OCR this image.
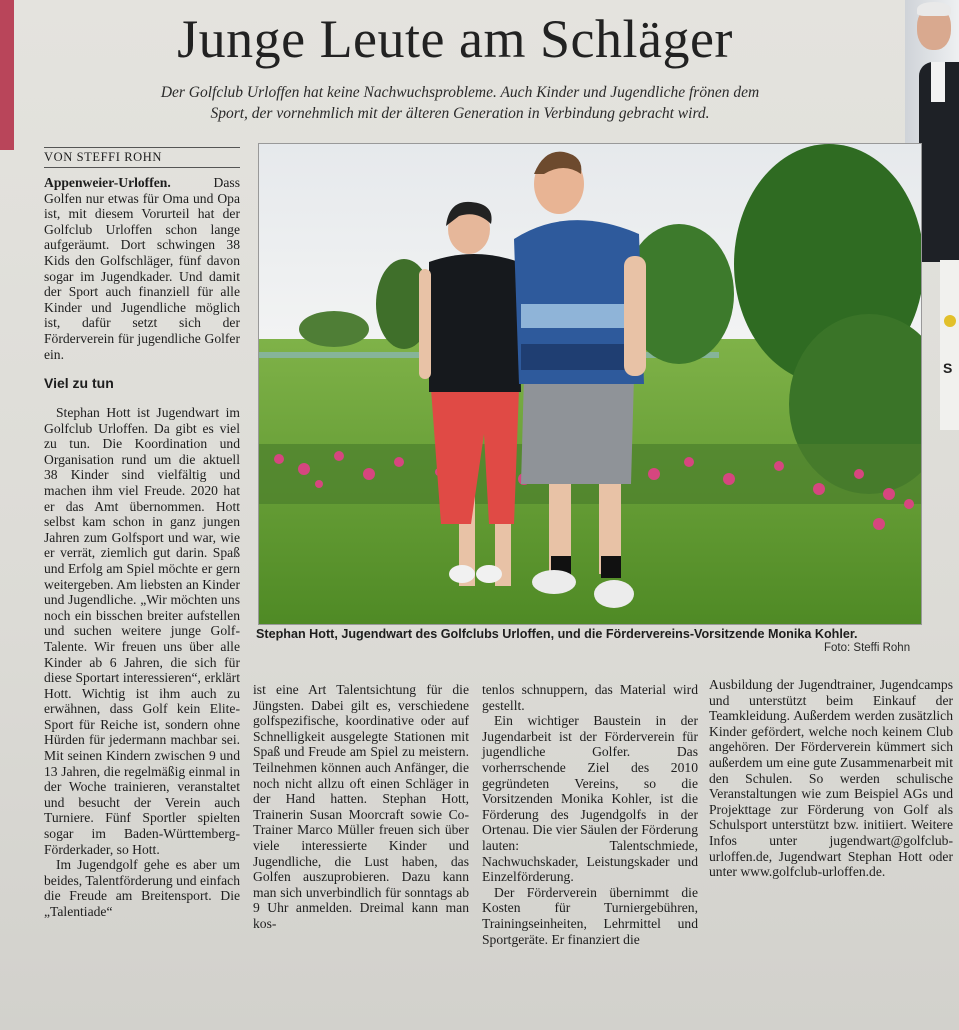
S
Junge Leute am Schläger
Der Golfclub Urloffen hat keine Nachwuchsprobleme. Auch Kinder und Jugendliche frönen dem
Sport, der vornehmlich mit der älteren Generation in Verbindung gebracht wird.
VON STEFFI ROHN

Appenweier-Urloffen. Dass Golfen nur etwas für Oma und Opa ist, mit diesem Vorurteil hat der Golfclub Urloffen schon lange aufgeräumt. Dort schwingen 38 Kids den Golfschläger, fünf davon sogar im Jugendkader. Und damit der Sport auch finanziell für alle Kinder und Jugendliche möglich ist, dafür setzt sich der Förderverein für jugendliche Golfer ein.

Viel zu tun

Stephan Hott ist Jugendwart im Golfclub Urloffen. Da gibt es viel zu tun. Die Koordination und Organisation rund um die aktuell 38 Kinder sind vielfältig und machen ihm viel Freude. 2020 hat er das Amt übernommen. Hott selbst kam schon in ganz jungen Jahren zum Golfsport und war, wie er verrät, ziemlich gut darin. Spaß und Erfolg am Spiel möchte er gern weitergeben. Am liebsten an Kinder und Jugendliche. „Wir möchten uns noch ein bisschen breiter aufstellen und suchen weitere junge Golf-Talente. Wir freuen uns über alle Kinder ab 6 Jahren, die sich für diese Sportart interessieren“, erklärt Hott. Wichtig ist ihm auch zu erwähnen, dass Golf kein Elite-Sport für Reiche ist, sondern ohne Hürden für jedermann machbar sei. Mit seinen Kindern zwischen 9 und 13 Jahren, die regelmäßig einmal in der Woche trainieren, veranstaltet und besucht der Verein auch Turniere. Fünf Sportler spielten sogar im Baden-Württemberg-Förderkader, so Hott.

Im Jugendgolf gehe es aber um beides, Talentförderung und einfach die Freude am Breitensport. Die „Talentiade“

Stephan Hott, Jugendwart des Golfclubs Urloffen, und die Fördervereins-Vorsitzende Monika Kohler.
Foto: Steffi Rohn

ist eine Art Talentsichtung für die Jüngsten. Dabei gilt es, verschiedene golfspezifische, koordinative oder auf Schnelligkeit ausgelegte Stationen mit Spaß und Freude am Spiel zu meistern. Teilnehmen können auch Anfänger, die noch nicht allzu oft einen Schläger in der Hand hatten. Stephan Hott, Trainerin Susan Moorcraft sowie Co-Trainer Marco Müller freuen sich über viele interessierte Kinder und Jugendliche, die Lust haben, das Golfen auszuprobieren. Dazu kann man sich unverbindlich für sonntags ab 9 Uhr anmelden. Dreimal kann man kos-

tenlos schnuppern, das Material wird gestellt.

Ein wichtiger Baustein in der Jugendarbeit ist der Förderverein für jugendliche Golfer. Das vorherrschende Ziel des 2010 gegründeten Vereins, so die Vorsitzenden Monika Kohler, ist die Förderung des Jugendgolfs in der Ortenau. Die vier Säulen der Förderung lauten: Talentschmiede, Nachwuchskader, Leistungskader und Einzelförderung.

Der Förderverein übernimmt die Kosten für Turniergebühren, Trainingseinheiten, Lehrmittel und Sportgeräte. Er finanziert die

Ausbildung der Jugendtrainer, Jugendcamps und unterstützt beim Einkauf der Teamkleidung. Außerdem werden zusätzlich Kinder gefördert, welche noch keinem Club angehören. Der Förderverein kümmert sich außerdem um eine gute Zusammenarbeit mit den Schulen. So werden schulische Veranstaltungen wie zum Beispiel AGs und Projekttage zur Förderung von Golf als Schulsport unterstützt bzw. initiiert. Weitere Infos unter jugendwart@golfclub-urloffen.de, Jugendwart Stephan Hott oder unter www.golfclub-urloffen.de.
